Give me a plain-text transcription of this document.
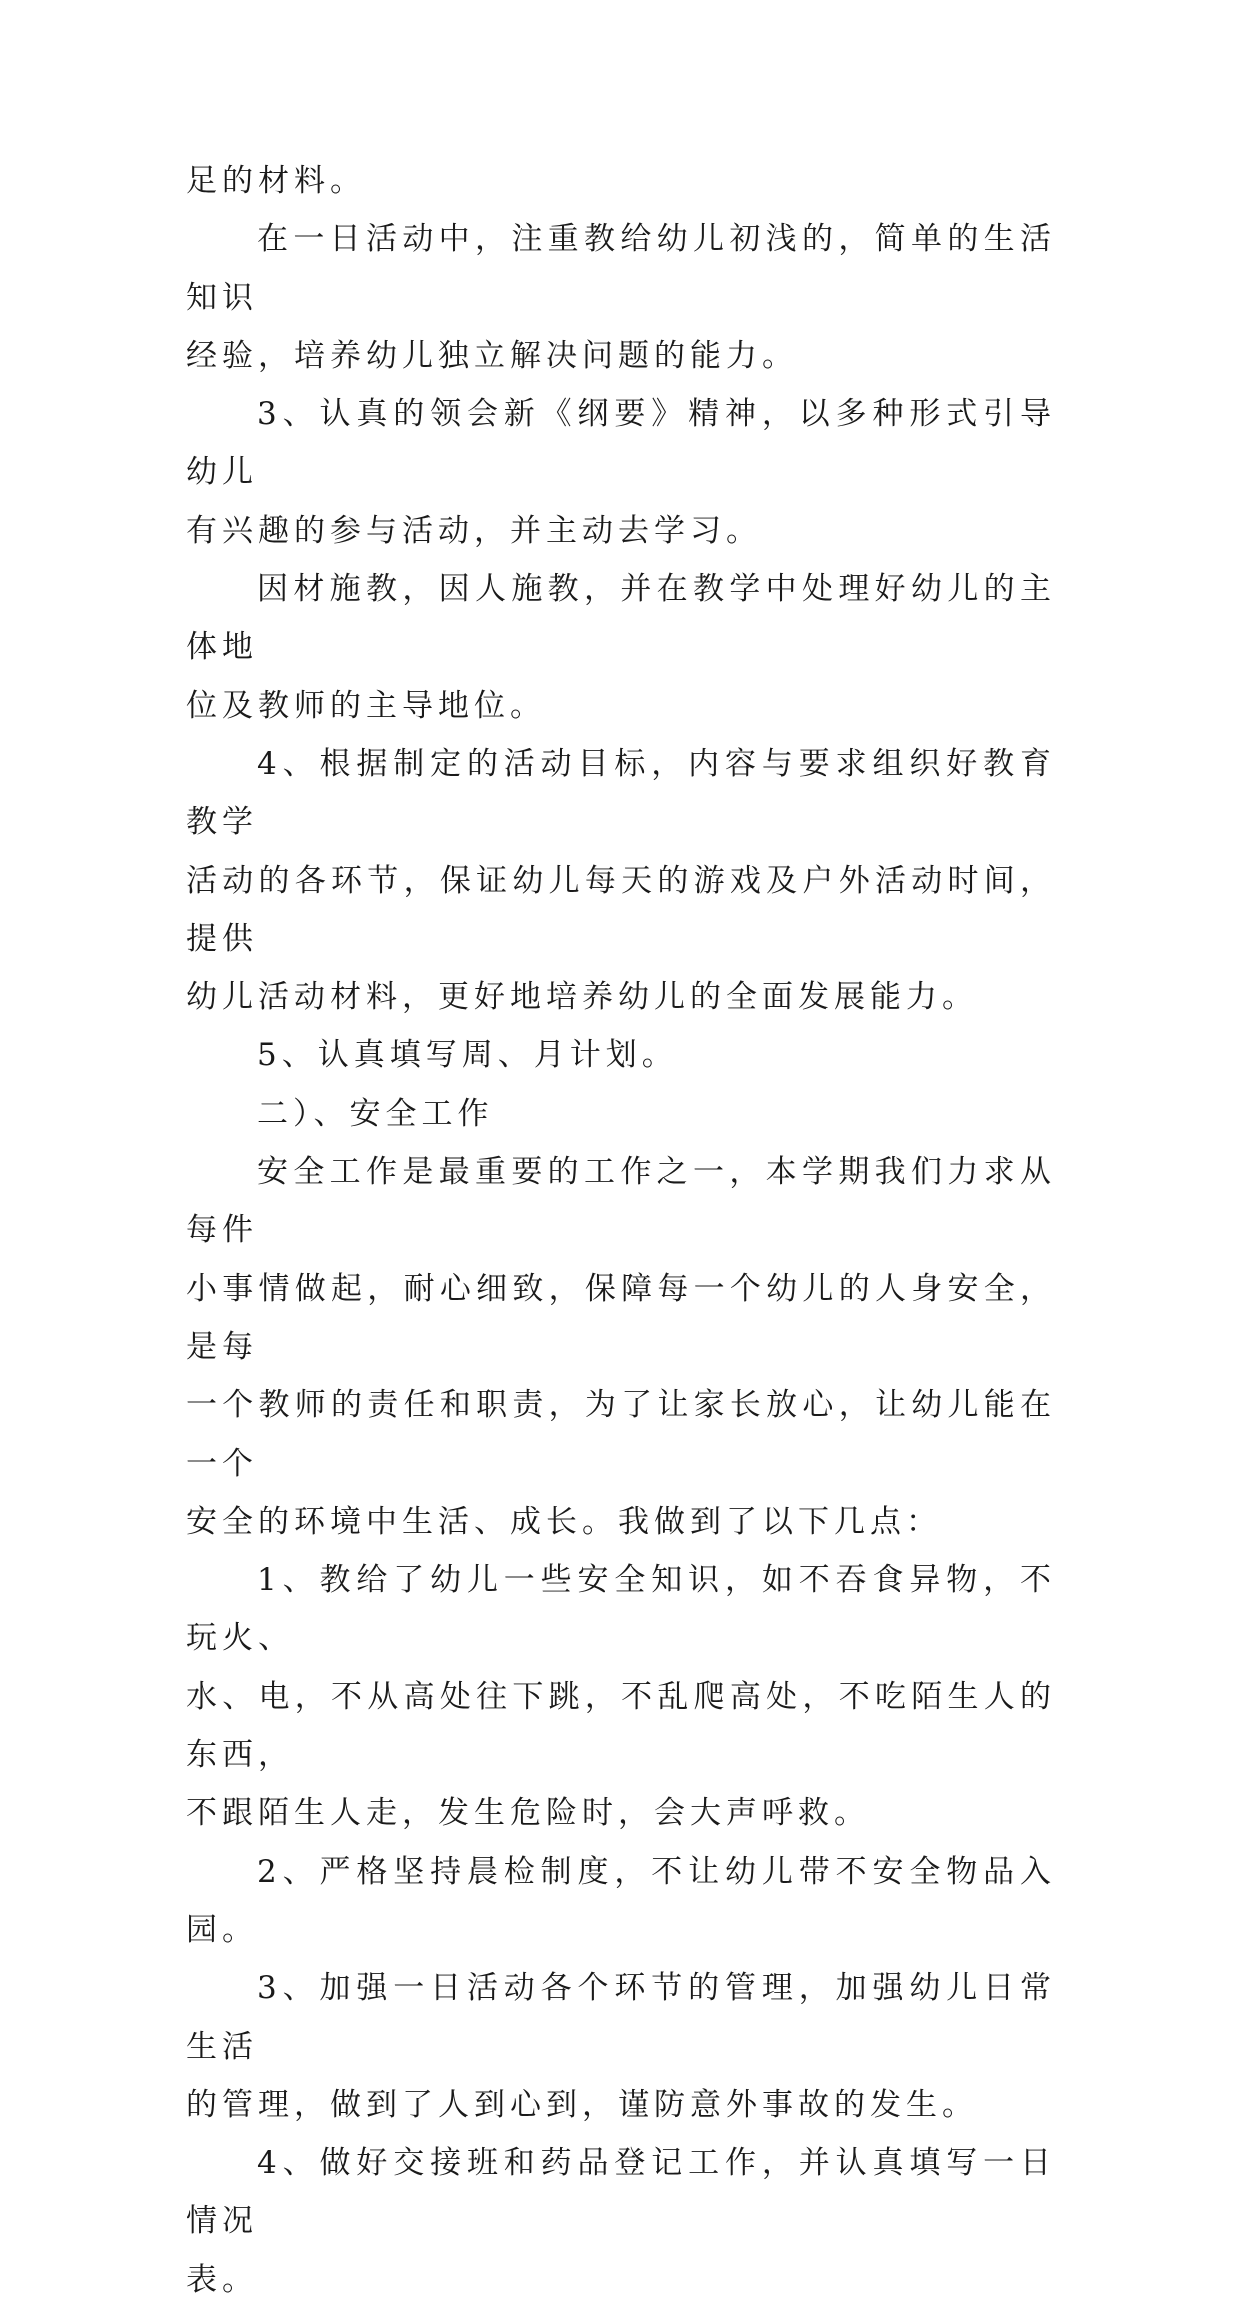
足的材料。

在一日活动中，注重教给幼儿初浅的，简单的生活知识
经验，培养幼儿独立解决问题的能力。

3、认真的领会新《纲要》精神，以多种形式引导幼儿
有兴趣的参与活动，并主动去学习。

因材施教，因人施教，并在教学中处理好幼儿的主体地
位及教师的主导地位。

4、根据制定的活动目标，内容与要求组织好教育教学
活动的各环节，保证幼儿每天的游戏及户外活动时间，提供
幼儿活动材料，更好地培养幼儿的全面发展能力。

5、认真填写周、月计划。

二）、安全工作

安全工作是最重要的工作之一，本学期我们力求从每件
小事情做起，耐心细致，保障每一个幼儿的人身安全，是每
一个教师的责任和职责，为了让家长放心，让幼儿能在一个
安全的环境中生活、成长。我做到了以下几点：

1、教给了幼儿一些安全知识，如不吞食异物，不玩火、
水、电，不从高处往下跳，不乱爬高处，不吃陌生人的东西，
不跟陌生人走，发生危险时，会大声呼救。

2、严格坚持晨检制度，不让幼儿带不安全物品入园。

3、加强一日活动各个环节的管理，加强幼儿日常生活
的管理，做到了人到心到，谨防意外事故的发生。

4、做好交接班和药品登记工作，并认真填写一日情况
表。
